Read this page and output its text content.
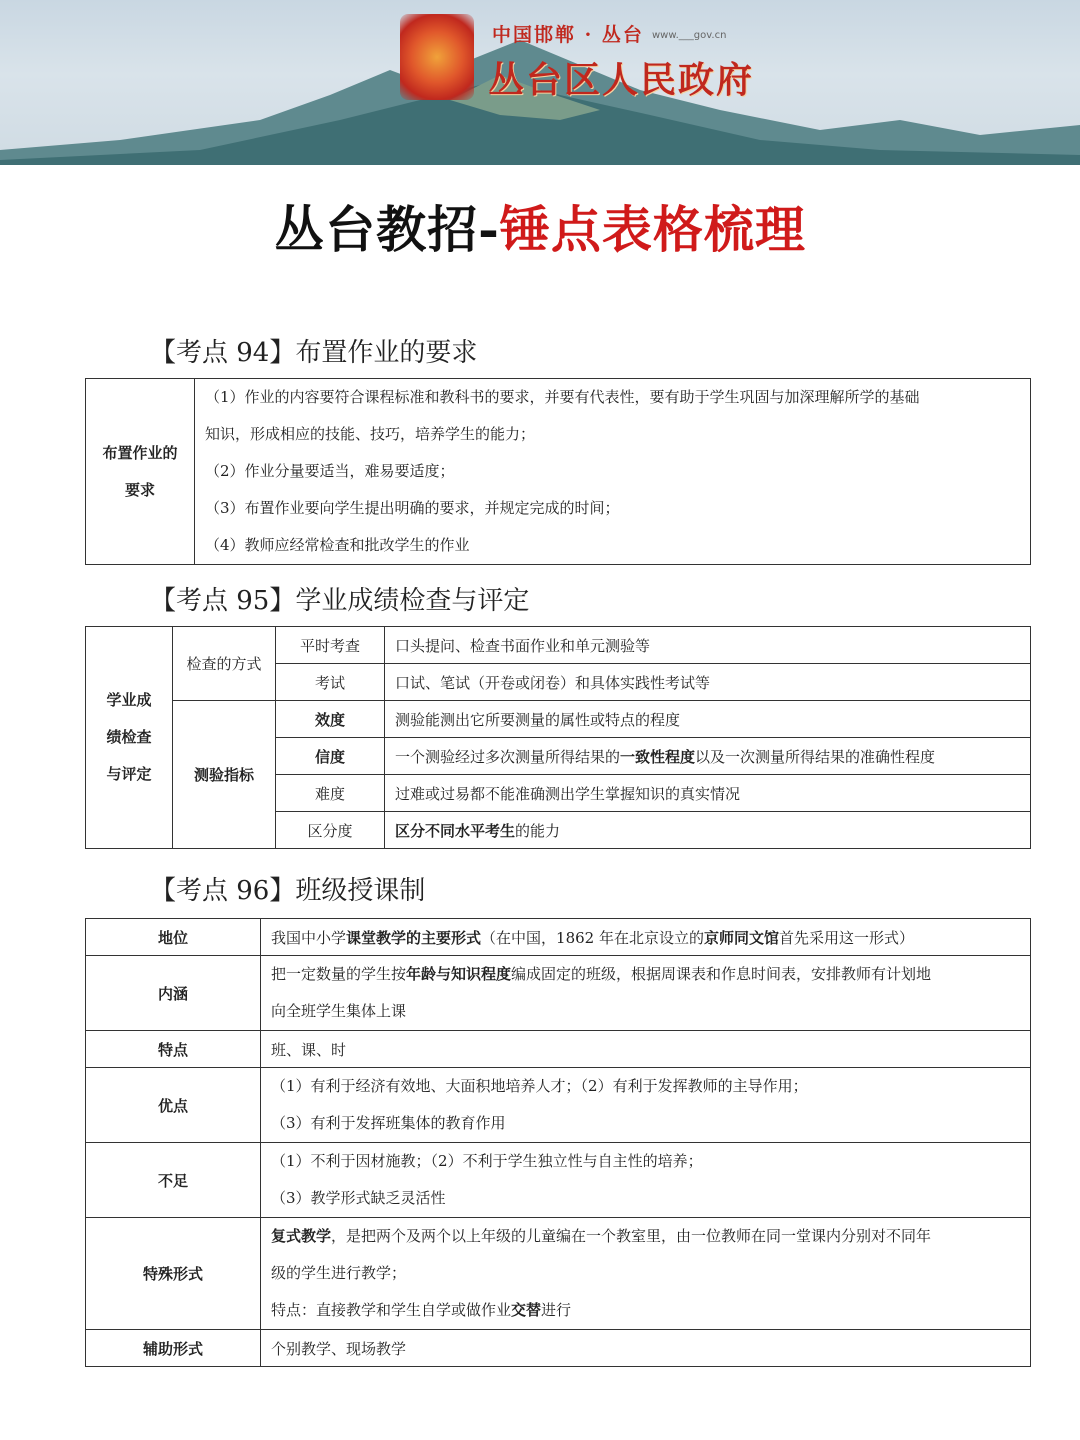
中国邯郸 · 丛台 www.___gov.cn
丛台区人民政府
丛台教招-锤点表格梳理
【考点 94】布置作业的要求
布置作业的
要求

（1）作业的内容要符合课程标准和教科书的要求，并要有代表性，要有助于学生巩固与加深理解所学的基础
知识，形成相应的技能、技巧，培养学生的能力；
（2）作业分量要适当，难易要适度；
（3）布置作业要向学生提出明确的要求，并规定完成的时间；
（4）教师应经常检查和批改学生的作业
【考点 95】学业成绩检查与评定
学业成
绩检查
与评定	检查的方式	平时考查	口头提问、检查书面作业和单元测验等
		考试	口试、笔试（开卷或闭卷）和具体实践性考试等
	测验指标	效度	测验能测出它所要测量的属性或特点的程度
		信度	一个测验经过多次测量所得结果的一致性程度以及一次测量所得结果的准确性程度
		难度	过难或过易都不能准确测出学生掌握知识的真实情况
		区分度	区分不同水平考生的能力
【考点 96】班级授课制
地位	我国中小学课堂教学的主要形式（在中国，1862 年在北京设立的京师同文馆首先采用这一形式）
内涵	把一定数量的学生按年龄与知识程度编成固定的班级，根据周课表和作息时间表，安排教师有计划地
向全班学生集体上课

特点	班、课、时
优点	（1）有利于经济有效地、大面积地培养人才；（2）有利于发挥教师的主导作用；
（3）有利于发挥班集体的教育作用

不足	（1）不利于因材施教；（2）不利于学生独立性与自主性的培养；
（3）教学形式缺乏灵活性

特殊形式	复式教学，是把两个及两个以上年级的儿童编在一个教室里，由一位教师在同一堂课内分别对不同年
级的学生进行教学；
特点：直接教学和学生自学或做作业交替进行

辅助形式	个别教学、现场教学
